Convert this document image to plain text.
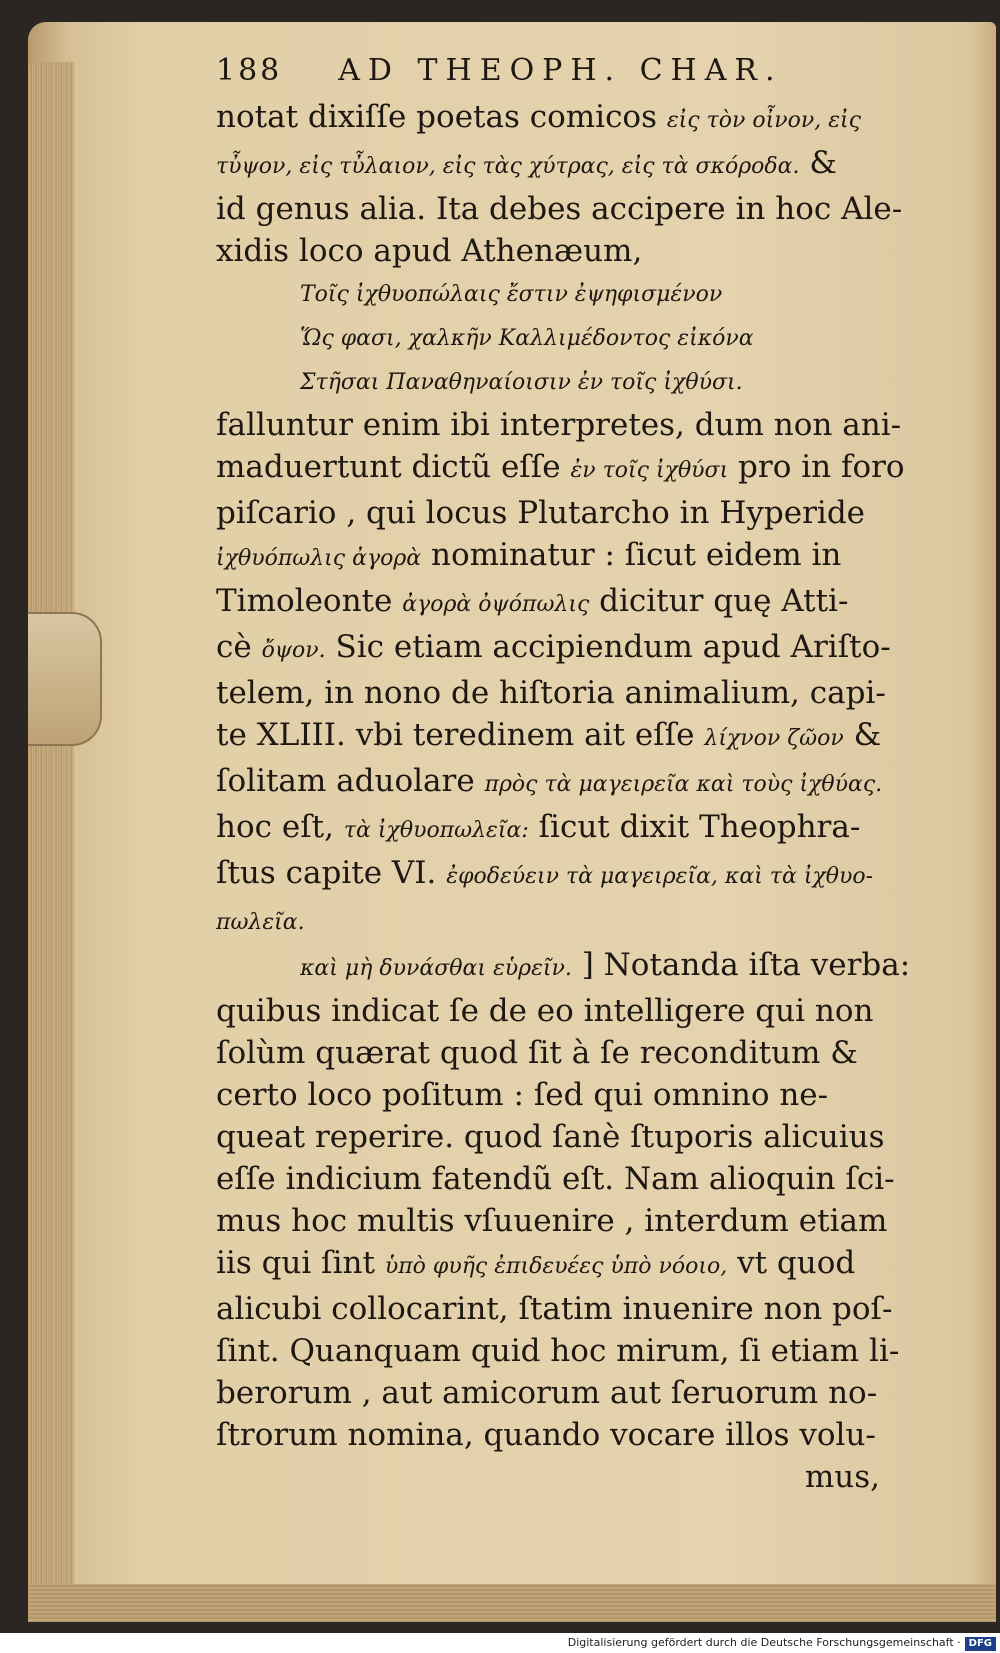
188 AD THEOPH. CHAR.
notat dixiſſe poetas comicos εἰς τὸν οἶνον, εἰς
τὖψον, εἰς τὖλαιον, εἰς τὰς χύτρας, εἰς τὰ σκόροδα. &
id genus alia. Ita debes accipere in hoc Ale-
xidis loco apud Athenæum,
Τοῖς ἰχθυοπώλαις ἔστιν ἐψηφισμένον
Ὥς φασι, χαλκῆν Καλλιμέδοντος εἰκόνα
Στῆσαι Παναθηναίοισιν ἐν τοῖς ἰχθύσι.
falluntur enim ibi interpretes, dum non ani-
maduertunt dictũ eſſe ἐν τοῖς ἰχθύσι pro in foro
piſcario , qui locus Plutarcho in Hyperide
ἰχθυόπωλις ἀγορὰ nominatur : ſicut eidem in
Timoleonte ἀγορὰ ὀψόπωλις dicitur quę Atti-
cè ὄψον. Sic etiam accipiendum apud Ariſto-
telem, in nono de hiſtoria animalium, capi-
te XLIII. vbi teredinem ait eſſe λίχνον ζῶον &
ſolitam aduolare πρὸς τὰ μαγειρεῖα καὶ τοὺς ἰχθύας.
hoc eſt, τὰ ἰχθυοπωλεῖα: ſicut dixit Theophra-
ſtus capite VI. ἐφοδεύειν τὰ μαγειρεῖα, καὶ τὰ ἰχθυο-
πωλεῖα.
καὶ μὴ δυνάσθαι εὑρεῖν. ] Notanda iſta verba:
quibus indicat ſe de eo intelligere qui non
ſolùm quærat quod ſit à ſe reconditum &
certo loco poſitum : ſed qui omnino ne-
queat reperire. quod ſanè ſtuporis alicuius
eſſe indicium fatendũ eſt. Nam alioquin ſci-
mus hoc multis vſuuenire , interdum etiam
iis qui ſint ὑπὸ φυῆς ἐπιδευέες ὑπὸ νόοιο, vt quod
alicubi collocarint, ſtatim inuenire non poſ-
ſint. Quanquam quid hoc mirum, ſi etiam li-
berorum , aut amicorum aut ſeruorum no-
ſtrorum nomina, quando vocare illos volu-
mus,
Digitalisierung gefördert durch die Deutsche Forschungsgemeinschaft · DFG
